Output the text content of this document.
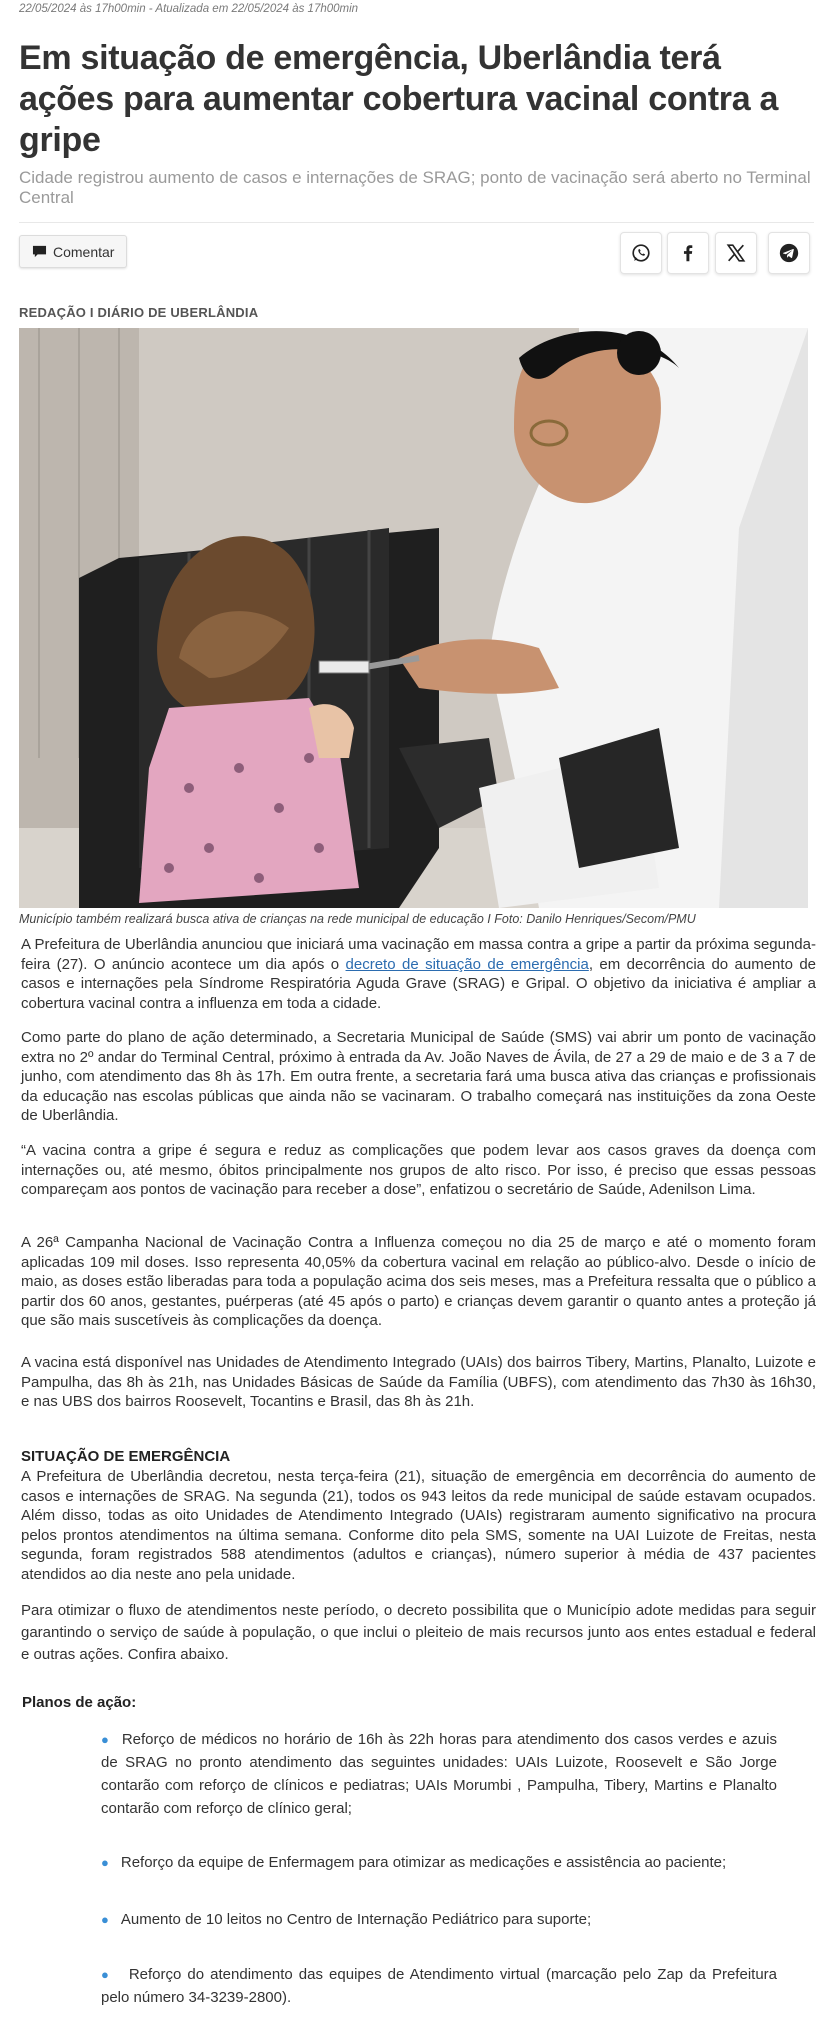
22/05/2024 às 17h00min - Atualizada em 22/05/2024 às 17h00min
Em situação de emergência, Uberlândia terá ações para aumentar cobertura vacinal contra a gripe
Cidade registrou aumento de casos e internações de SRAG; ponto de vacinação será aberto no Terminal Central
Comentar
REDAÇÃO I DIÁRIO DE UBERLÂNDIA
Município também realizará busca ativa de crianças na rede municipal de educação I Foto: Danilo Henriques/Secom/PMU

A Prefeitura de Uberlândia anunciou que iniciará uma vacinação em massa contra a gripe a partir da próxima segunda-feira (27). O anúncio acontece um dia após o decreto de situação de emergência, em decorrência do aumento de casos e internações pela Síndrome Respiratória Aguda Grave (SRAG) e Gripal. O objetivo da iniciativa é ampliar a cobertura vacinal contra a influenza em toda a cidade.

Como parte do plano de ação determinado, a Secretaria Municipal de Saúde (SMS) vai abrir um ponto de vacinação extra no 2º andar do Terminal Central, próximo à entrada da Av. João Naves de Ávila, de 27 a 29 de maio e de 3 a 7 de junho, com atendimento das 8h às 17h. Em outra frente, a secretaria fará uma busca ativa das crianças e profissionais da educação nas escolas públicas que ainda não se vacinaram. O trabalho começará nas instituições da zona Oeste de Uberlândia.

“A vacina contra a gripe é segura e reduz as complicações que podem levar aos casos graves da doença com internações ou, até mesmo, óbitos principalmente nos grupos de alto risco. Por isso, é preciso que essas pessoas compareçam aos pontos de vacinação para receber a dose”, enfatizou o secretário de Saúde, Adenilson Lima.

A 26ª Campanha Nacional de Vacinação Contra a Influenza começou no dia 25 de março e até o momento foram aplicadas 109 mil doses. Isso representa 40,05% da cobertura vacinal em relação ao público-alvo. Desde o início de maio, as doses estão liberadas para toda a população acima dos seis meses, mas a Prefeitura ressalta que o público a partir dos 60 anos, gestantes, puérperas (até 45 após o parto) e crianças devem garantir o quanto antes a proteção já que são mais suscetíveis às complicações da doença.

A vacina está disponível nas Unidades de Atendimento Integrado (UAIs) dos bairros Tibery, Martins, Planalto, Luizote e Pampulha, das 8h às 21h, nas Unidades Básicas de Saúde da Família (UBFS), com atendimento das 7h30 às 16h30, e nas UBS dos bairros Roosevelt, Tocantins e Brasil, das 8h às 21h.

SITUAÇÃO DE EMERGÊNCIA

A Prefeitura de Uberlândia decretou, nesta terça-feira (21), situação de emergência em decorrência do aumento de casos e internações de SRAG. Na segunda (21), todos os 943 leitos da rede municipal de saúde estavam ocupados. Além disso, todas as oito Unidades de Atendimento Integrado (UAIs) registraram aumento significativo na procura pelos prontos atendimentos na última semana. Conforme dito pela SMS, somente na UAI Luizote de Freitas, nesta segunda, foram registrados 588 atendimentos (adultos e crianças), número superior à média de 437 pacientes atendidos ao dia neste ano pela unidade.

Para otimizar o fluxo de atendimentos neste período, o decreto possibilita que o Município adote medidas para seguir garantindo o serviço de saúde à população, o que inclui o pleiteio de mais recursos junto aos entes estadual e federal e outras ações. Confira abaixo.

Planos de ação:
● Reforço de médicos no horário de 16h às 22h horas para atendimento dos casos verdes e azuis de SRAG no pronto atendimento das seguintes unidades: UAIs Luizote, Roosevelt e São Jorge contarão com reforço de clínicos e pediatras; UAIs Morumbi , Pampulha, Tibery, Martins e Planalto contarão com reforço de clínico geral;
● Reforço da equipe de Enfermagem para otimizar as medicações e assistência ao paciente;
● Aumento de 10 leitos no Centro de Internação Pediátrico para suporte;
● Reforço do atendimento das equipes de Atendimento virtual (marcação pelo Zap da Prefeitura pelo número 34-3239-2800).
